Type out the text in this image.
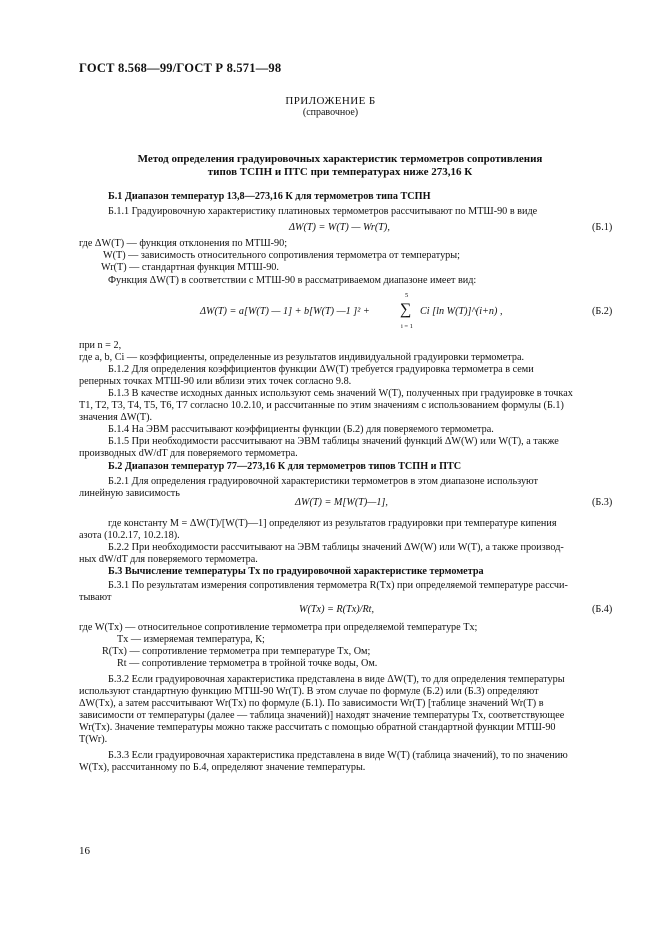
ГОСТ 8.568—99/ГОСТ Р 8.571—98
ПРИЛОЖЕНИЕ Б
(справочное)
Метод определения градуировочных характеристик термометров сопротивления
типов ТСПН и ПТС при температурах ниже 273,16 К
Б.1 Диапазон температур 13,8—273,16 К для термометров типа ТСПН
Б.1.1 Градуировочную характеристику платиновых термометров рассчитывают по МТШ-90 в виде
ΔW(T) = W(T) — Wr(T),	(Б.1)
где ΔW(T) — функция отклонения по МТШ-90;
W(T) — зависимость относительного сопротивления термометра от температуры;
Wr(T) — стандартная функция МТШ-90.
Функция ΔW(T) в соответствии с МТШ-90 в рассматриваемом диапазоне имеет вид:
ΔW(T) = a[W(T) — 1] + b[W(T) —1 ]² +
5
∑
i = 1
Ci [ln W(T)]^(i+n) ,	(Б.2)
при n = 2,
где a, b, Ci — коэффициенты, определенные из результатов индивидуальной градуировки термометра.
Б.1.2 Для определения коэффициентов функции ΔW(T) требуется градуировка термометра в семи
реперных точках МТШ-90 или вблизи этих точек согласно 9.8.
Б.1.3 В качестве исходных данных используют семь значений W(T), полученных при градуировке в точках
T1, T2, T3, T4, T5, T6, T7 согласно 10.2.10, и рассчитанные по этим значениям с использованием формулы (Б.1)
значения ΔW(T).
Б.1.4 На ЭВМ рассчитывают коэффициенты функции (Б.2) для поверяемого термометра.
Б.1.5 При необходимости рассчитывают на ЭВМ таблицы значений функций ΔW(W) или W(T), а также
производных dW/dT для поверяемого термометра.
Б.2 Диапазон температур 77—273,16 К для термометров типов ТСПН и ПТС
Б.2.1 Для определения градуировочной характеристики термометров в этом диапазоне используют
линейную зависимость
ΔW(T) = M[W(T)—1],	(Б.3)
где константу M = ΔW(T)/[W(T)—1] определяют из результатов градуировки при температуре кипения
азота (10.2.17, 10.2.18).
Б.2.2 При необходимости рассчитывают на ЭВМ таблицы значений ΔW(W) или W(T), а также производ-
ных dW/dT для поверяемого термометра.
Б.3 Вычисление температуры Tx по градуировочной характеристике термометра
Б.3.1 По результатам измерения сопротивления термометра R(Tx) при определяемой температуре рассчи-
тывают
W(Tx) = R(Tx)/Rt,	(Б.4)
где W(Tx) — относительное сопротивление термометра при определяемой температуре Tx;
Tx — измеряемая температура, К;
R(Tx) — сопротивление термометра при температуре Tx, Ом;
Rt — сопротивление термометра в тройной точке воды, Ом.
Б.3.2 Если градуировочная характеристика представлена в виде ΔW(T), то для определения температуры
используют стандартную функцию МТШ-90 Wr(T). В этом случае по формуле (Б.2) или (Б.3) определяют
ΔW(Tx), а затем рассчитывают Wr(Tx) по формуле (Б.1). По зависимости Wr(T) [таблице значений Wr(T) в
зависимости от температуры (далее — таблица значений)] находят значение температуры Tx, соответствующее
Wr(Tx). Значение температуры можно также рассчитать с помощью обратной стандартной функции МТШ-90
T(Wr).
Б.3.3 Если градуировочная характеристика представлена в виде W(T) (таблица значений), то по значению
W(Tx), рассчитанному по Б.4, определяют значение температуры.
16
